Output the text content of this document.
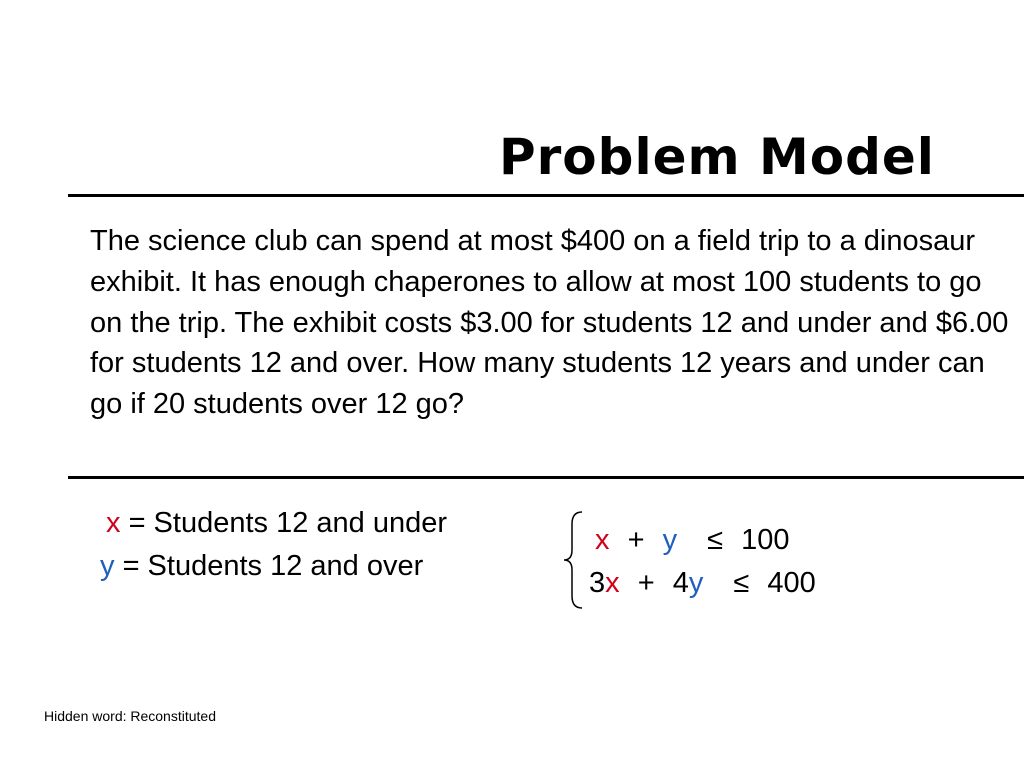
Problem Model

The science club can spend at most $400 on a field trip to a dinosaur exhibit. It has enough chaperones to allow at most 100 students to go on the trip. The exhibit costs $3.00 for students 12 and under and $6.00 for students 12 and over. How many students 12 years and under can go if 20 students over 12 go?

x = Students 12 and under
y = Students 12 and over
x + y ≤ 100
3x + 4y ≤ 400
Hidden word: Reconstituted
